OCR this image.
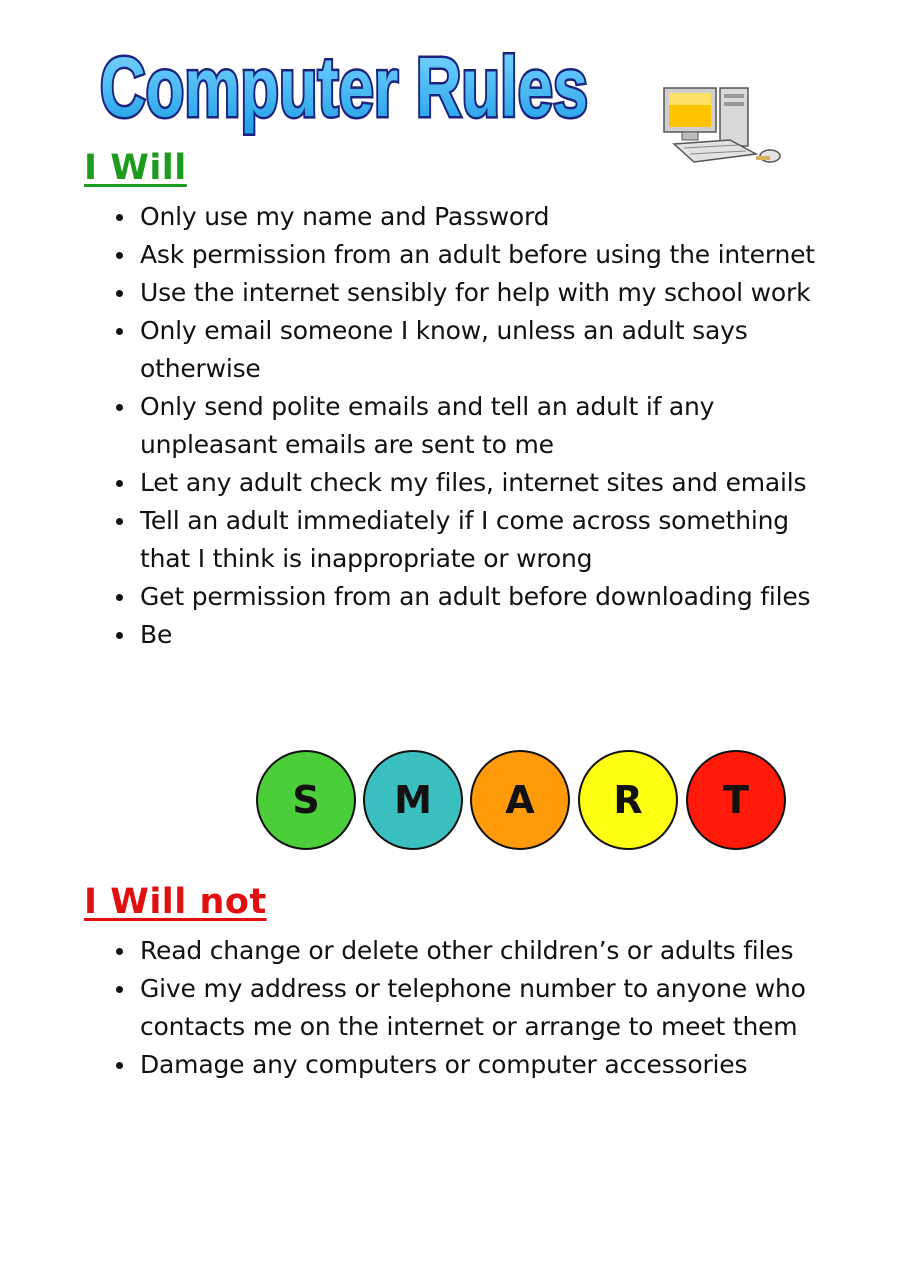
Computer Rules
I Will
Only use my name and Password
Ask permission from an adult before using the internet
Use the internet sensibly for help with my school work
Only email someone I know, unless an adult says otherwise
Only send polite emails and tell an adult if any unpleasant emails are sent to me
Let any adult check my files, internet sites and emails
Tell an adult immediately if I come across something that I think is inappropriate or wrong
Get permission from an adult before downloading files
Be
S M A R T
I Will not
Read change or delete other children’s or adults files
Give my address or telephone number to anyone who contacts me on the internet or arrange to meet them
Damage any computers or computer accessories
